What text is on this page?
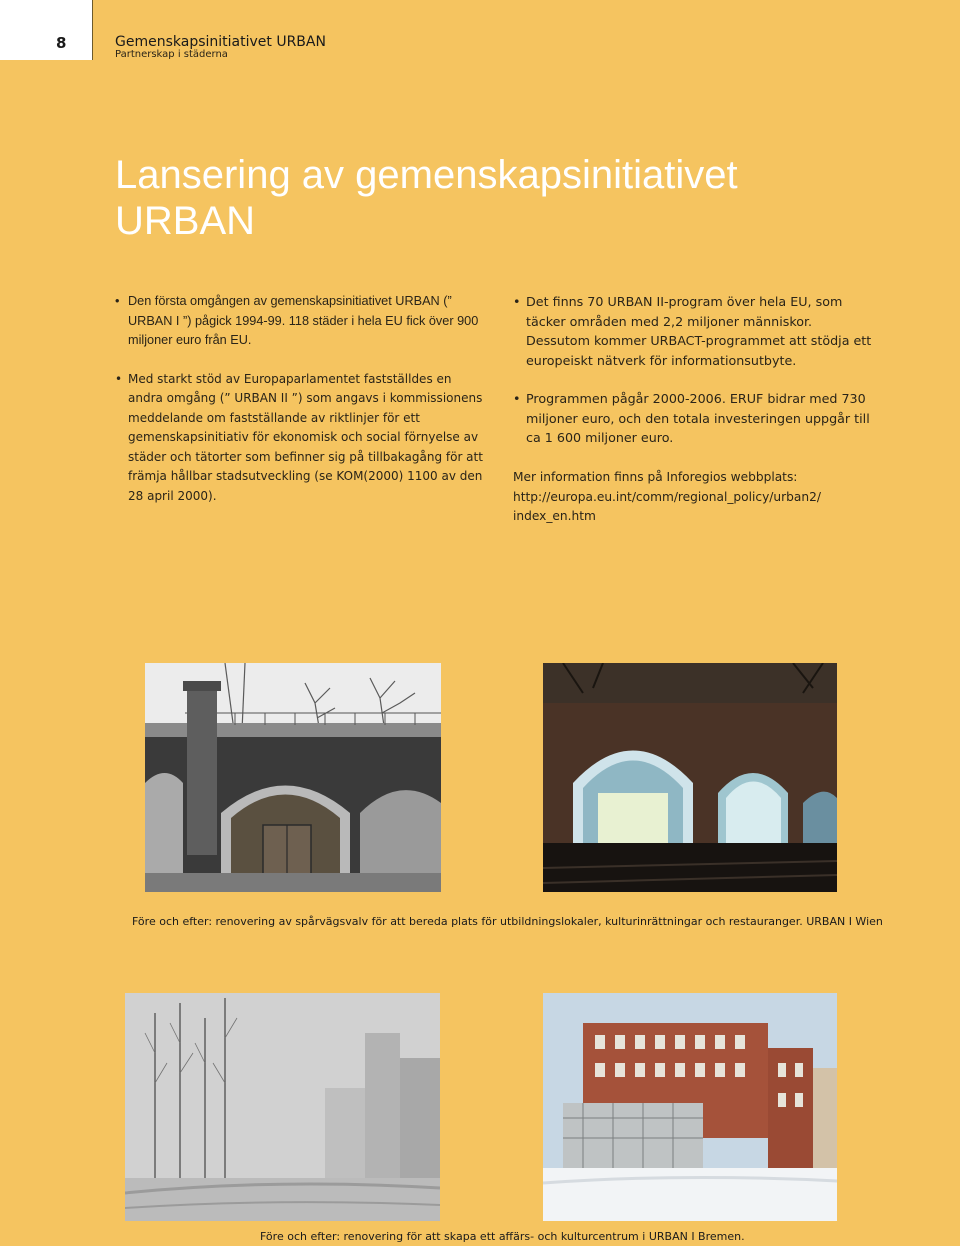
8	Gemenskapsinitiativet URBAN
Partnerskap i städerna
Lansering av gemenskapsinitiativet URBAN
• Den första omgången av gemenskapsinitiativet URBAN (” URBAN I ”) pågick 1994-99. 118 städer i hela EU fick över 900 miljoner euro från EU.
• Med starkt stöd av Europaparlamentet fastställdes en andra omgång (” URBAN II ”) som angavs i kommissionens meddelande om fastställande av riktlinjer för ett gemenskapsinitiativ för ekonomisk och social förnyelse av städer och tätorter som befinner sig på tillbakagång för att främja hållbar stadsutveckling (se KOM(2000) 1100 av den 28 april 2000).
• Det finns 70 URBAN II-program över hela EU, som täcker områden med 2,2 miljoner människor. Dessutom kommer URBACT-programmet att stödja ett europeiskt nätverk för informationsutbyte.
• Programmen pågår 2000-2006. ERUF bidrar med 730 miljoner euro, och den totala investeringen uppgår till ca 1 600 miljoner euro.

Mer information finns på Inforegios webbplats:
http://europa.eu.int/comm/regional_policy/urban2/
index_en.htm

Före och efter: renovering av spårvägsvalv för att bereda plats för utbildningslokaler, kulturinrättningar och restauranger. URBAN I Wien
Före och efter: renovering för att skapa ett affärs- och kulturcentrum i URBAN I Bremen.
